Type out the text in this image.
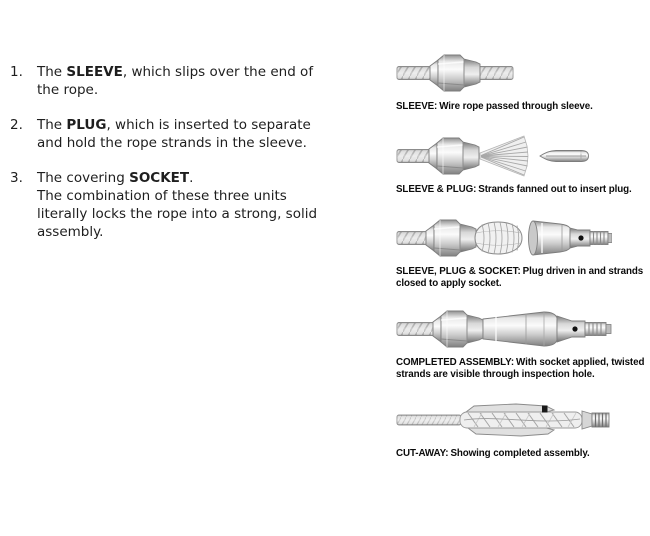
1.	The SLEEVE, which slips over the end of the rope.
2.	The PLUG, which is inserted to separate and hold the rope strands in the sleeve.
3.	The covering SOCKET.
The combination of these three units literally locks the rope into a strong, solid assembly.
SLEEVE: Wire rope passed through sleeve.
SLEEVE & PLUG: Strands fanned out to insert plug.
SLEEVE, PLUG & SOCKET: Plug driven in and strands closed to apply socket.
COMPLETED ASSEMBLY: With socket applied, twisted strands are visible through inspection hole.
CUT-AWAY: Showing completed assembly.
